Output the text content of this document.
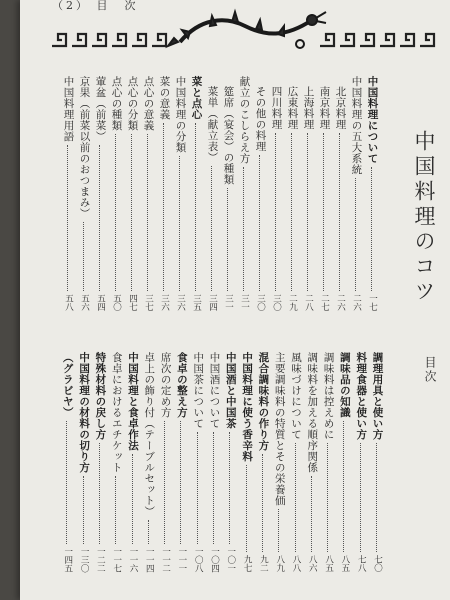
（2） 目　次
中国料理のコツ
目次
中国料理について
一七
中国料理の五大系統
二六
北京料理
二六
南京料理
二七
上海料理
二八
広東料理
二九
四川料理
三〇
その他の料理
三〇
献立のこしらえ方
三一
筵席（宴会）の種類
三一
菜単（献立表）
三四
菜と点心
三五
中国料理の分類
三六
菜の意義
三六
点心の意義
三七
点心の分類
四七
点心の種類
五〇
葷盆（前菜）
五四
京果（前菜以前のおつまみ）
五六
中国料理用語
五八
調理用具と使い方
七〇
料理食器と使い方
七八
調味品の知識
八五
調味料は控えめに
八五
調味料を加える順序関係
八六
風味づけについて
八八
主要調味料の特質とその栄養価
八九
混合調味料の作り方
九二
中国料理に使う香辛料
九七
中国酒と中国茶
一〇一
中国酒について
一〇四
中国茶について
一〇八
食卓の整え方
一一一
席次の定め方
一一二
卓上の飾り付（テーブルセット）
一一四
中国料理と食卓作法
一一六
食卓におけるエチケット
一一七
特殊材料の戻し方
一二二
中国料理の材料の切り方
一三〇
（グラビヤ）
一四五
